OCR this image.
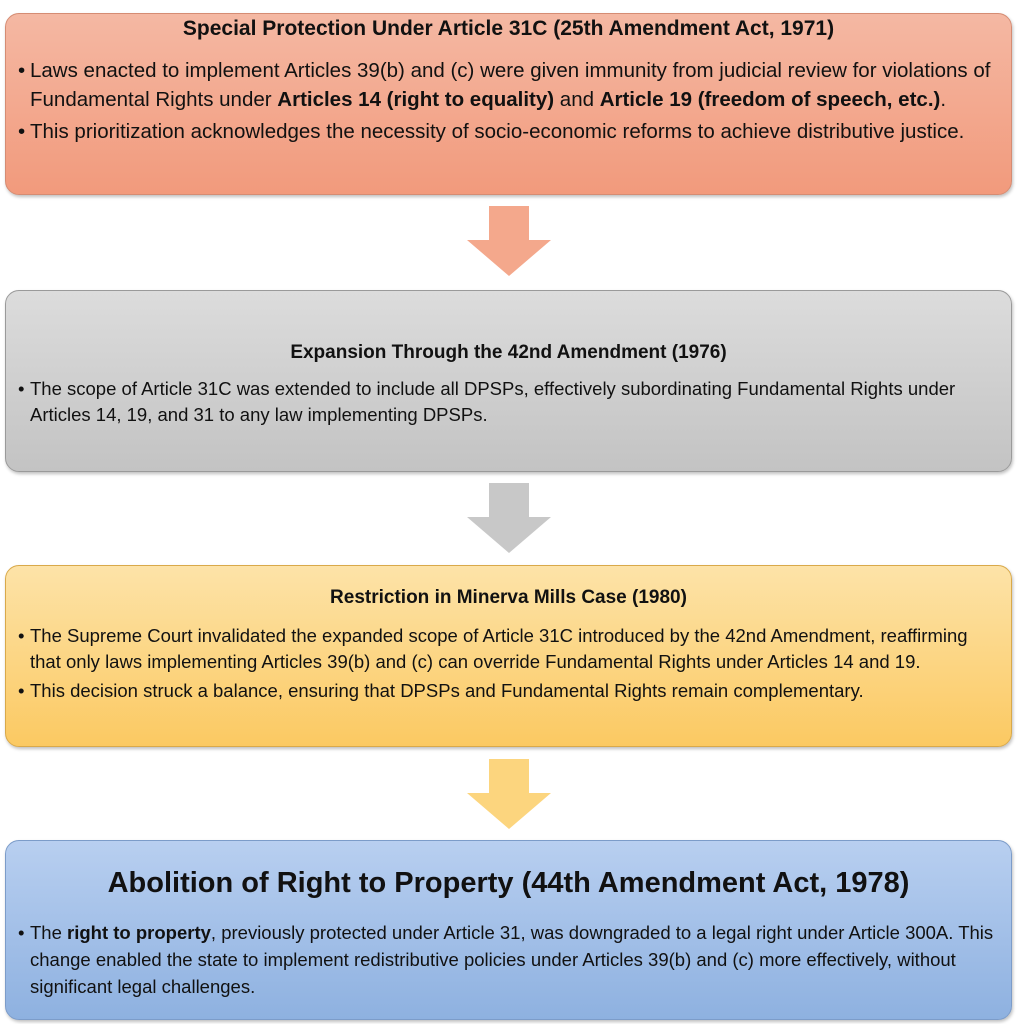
Special Protection Under Article 31C (25th Amendment Act, 1971)
• Laws enacted to implement Articles 39(b) and (c) were given immunity from judicial review for violations of Fundamental Rights under Articles 14 (right to equality) and Article 19 (freedom of speech, etc.).
• This prioritization acknowledges the necessity of socio-economic reforms to achieve distributive justice.
Expansion Through the 42nd Amendment (1976)
• The scope of Article 31C was extended to include all DPSPs, effectively subordinating Fundamental Rights under Articles 14, 19, and 31 to any law implementing DPSPs.
Restriction in Minerva Mills Case (1980)
• The Supreme Court invalidated the expanded scope of Article 31C introduced by the 42nd Amendment, reaffirming that only laws implementing Articles 39(b) and (c) can override Fundamental Rights under Articles 14 and 19.
• This decision struck a balance, ensuring that DPSPs and Fundamental Rights remain complementary.
Abolition of Right to Property (44th Amendment Act, 1978)
• The right to property, previously protected under Article 31, was downgraded to a legal right under Article 300A. This change enabled the state to implement redistributive policies under Articles 39(b) and (c) more effectively, without significant legal challenges.
